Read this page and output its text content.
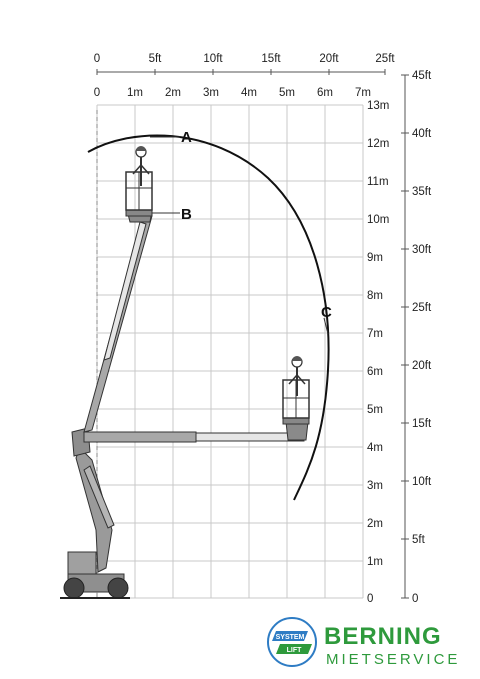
0	5ft	10ft	15ft	20ft	25ft
0 1m 2m 3m 4m 5m 6m 7m
13m
12m
11m
10m
9m
8m
7m
6m
5m
4m
3m
2m
1m
0
45ft
40ft
35ft
30ft
25ft
20ft
15ft
10ft
5ft
0
A
B
C
SYSTEM
LIFT
BERNING
MIETSERVICE
